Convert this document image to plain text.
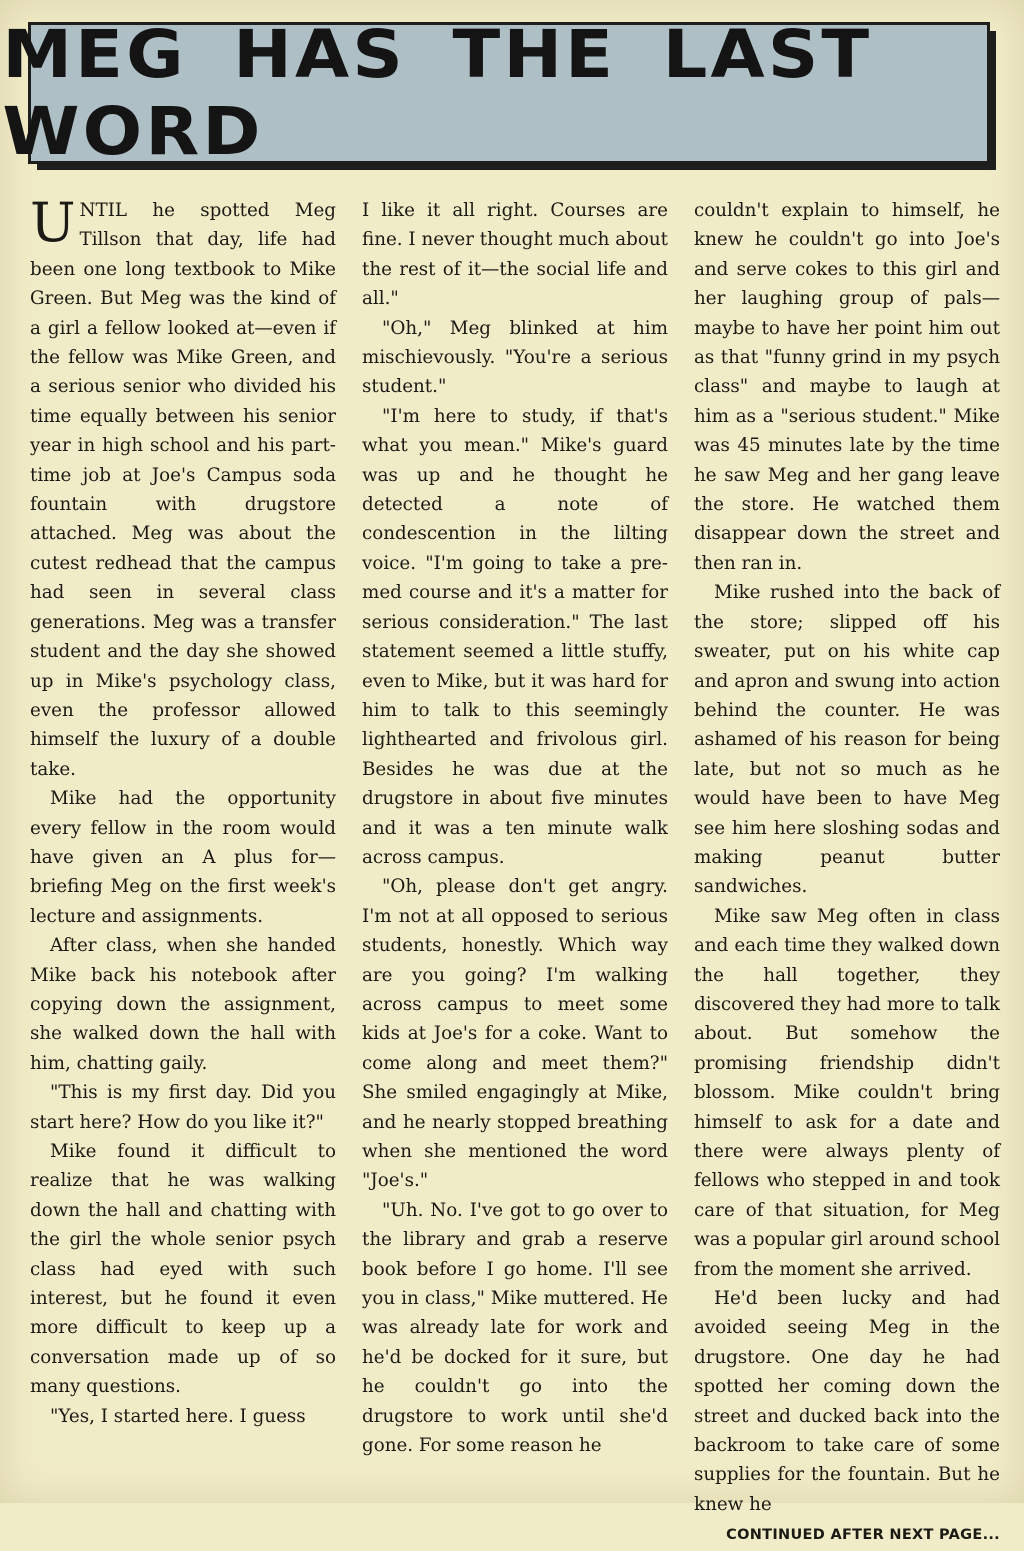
MEG HAS THE LAST WORD

UNTIL he spotted Meg Tillson that day, life had been one long textbook to Mike Green. But Meg was the kind of a girl a fellow looked at—even if the fellow was Mike Green, and a serious senior who divided his time equally between his senior year in high school and his part-time job at Joe's Campus soda fountain with drugstore attached. Meg was about the cutest redhead that the campus had seen in several class generations. Meg was a transfer student and the day she showed up in Mike's psychology class, even the professor allowed himself the luxury of a double take.

Mike had the opportunity every fellow in the room would have given an A plus for—briefing Meg on the first week's lecture and assignments.

After class, when she handed Mike back his notebook after copying down the assignment, she walked down the hall with him, chatting gaily.

"This is my first day. Did you start here? How do you like it?"

Mike found it difficult to realize that he was walking down the hall and chatting with the girl the whole senior psych class had eyed with such interest, but he found it even more difficult to keep up a conversation made up of so many questions.

"Yes, I started here. I guess

I like it all right. Courses are fine. I never thought much about the rest of it—the social life and all."

"Oh," Meg blinked at him mischievously. "You're a serious student."

"I'm here to study, if that's what you mean." Mike's guard was up and he thought he detected a note of condescention in the lilting voice. "I'm going to take a pre-med course and it's a matter for serious consideration." The last statement seemed a little stuffy, even to Mike, but it was hard for him to talk to this seemingly lighthearted and frivolous girl. Besides he was due at the drugstore in about five minutes and it was a ten minute walk across campus.

"Oh, please don't get angry. I'm not at all opposed to serious students, honestly. Which way are you going? I'm walking across campus to meet some kids at Joe's for a coke. Want to come along and meet them?" She smiled engagingly at Mike, and he nearly stopped breathing when she mentioned the word "Joe's."

"Uh. No. I've got to go over to the library and grab a reserve book before I go home. I'll see you in class," Mike muttered. He was already late for work and he'd be docked for it sure, but he couldn't go into the drugstore to work until she'd gone. For some reason he

couldn't explain to himself, he knew he couldn't go into Joe's and serve cokes to this girl and her laughing group of pals—maybe to have her point him out as that "funny grind in my psych class" and maybe to laugh at him as a "serious student." Mike was 45 minutes late by the time he saw Meg and her gang leave the store. He watched them disappear down the street and then ran in.

Mike rushed into the back of the store; slipped off his sweater, put on his white cap and apron and swung into action behind the counter. He was ashamed of his reason for being late, but not so much as he would have been to have Meg see him here sloshing sodas and making peanut butter sandwiches.

Mike saw Meg often in class and each time they walked down the hall together, they discovered they had more to talk about. But somehow the promising friendship didn't blossom. Mike couldn't bring himself to ask for a date and there were always plenty of fellows who stepped in and took care of that situation, for Meg was a popular girl around school from the moment she arrived.

He'd been lucky and had avoided seeing Meg in the drugstore. One day he had spotted her coming down the street and ducked back into the backroom to take care of some supplies for the fountain. But he knew he

CONTINUED AFTER NEXT PAGE...
